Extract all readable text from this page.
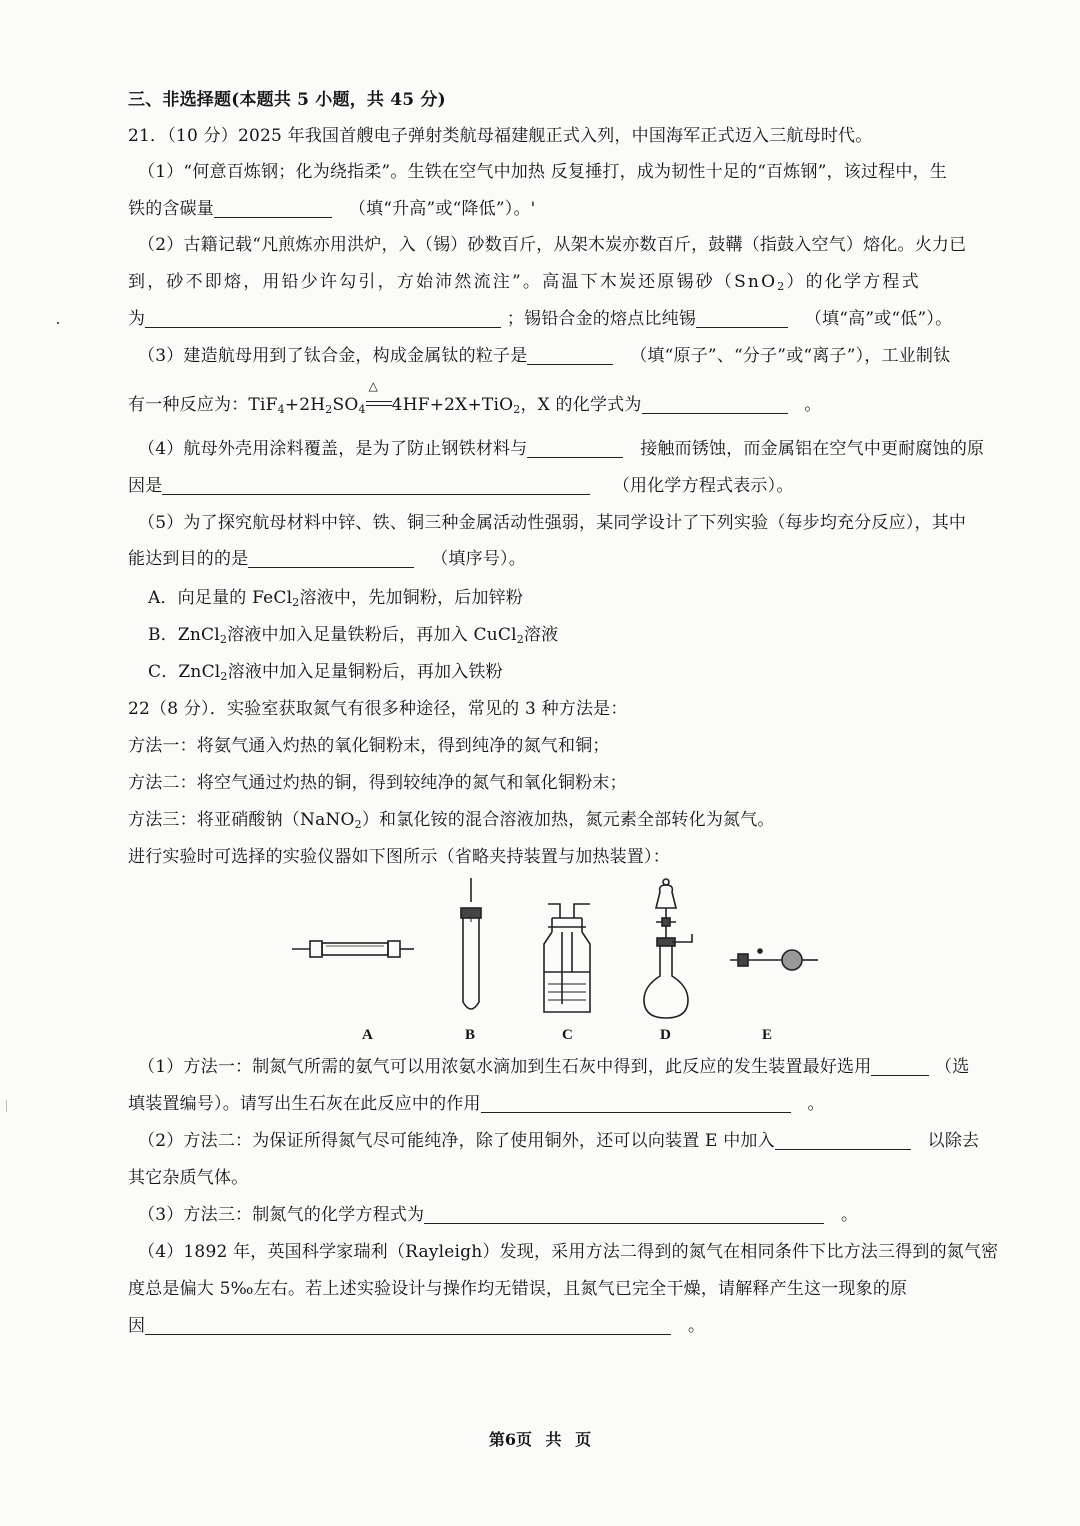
三、非选择题(本题共 5 小题，共 45 分)
21．（10 分）2025 年我国首艘电子弹射类航母福建舰正式入列，中国海军正式迈入三航母时代。
（1）“何意百炼钢；化为绕指柔”。生铁在空气中加热 反复捶打，成为韧性十足的“百炼钢”，该过程中，生
铁的含碳量	（填“升高”或“降低”）。'
（2）古籍记载“凡煎炼亦用洪炉，入（锡）砂数百斤，从架木炭亦数百斤，鼓鞲（指鼓入空气）熔化。火力已
到，砂不即熔，用铅少许勾引，方始沛然流注”。高温下木炭还原锡砂（SnO$_2$）的化学方程式
为	；锡铅合金的熔点比纯锡	（填“高”或“低”）。
（3）建造航母用到了钛合金，构成金属钛的粒子是	（填“原子”、“分子”或“离子”），工业制钛
有一种反应为：$TiF_4+2H_2SO_4$
△
4HF+2X+TiO$_2$，X 的化学式为	。
（4）航母外壳用涂料覆盖，是为了防止钢铁材料与	接触而锈蚀，而金属铝在空气中更耐腐蚀的原
因是	（用化学方程式表示）。
（5）为了探究航母材料中锌、铁、铜三种金属活动性强弱，某同学设计了下列实验（每步均充分反应），其中
能达到目的的是	（填序号）。
A．向足量的 FeCl$_2$溶液中，先加铜粉，后加锌粉
B．ZnCl$_2$溶液中加入足量铁粉后，再加入 CuCl$_2$溶液
C．ZnCl$_2$溶液中加入足量铜粉后，再加入铁粉
22（8 分）．实验室获取氮气有很多种途径，常见的 3 种方法是：
方法一：将氨气通入灼热的氧化铜粉末，得到纯净的氮气和铜；
方法二：将空气通过灼热的铜，得到较纯净的氮气和氧化铜粉末；
方法三：将亚硝酸钠（NaNO$_2$）和氯化铵的混合溶液加热，氮元素全部转化为氮气。
进行实验时可选择的实验仪器如下图所示（省略夹持装置与加热装置）：
A	B	C	D	E
（1）方法一：制氮气所需的氨气可以用浓氨水滴加到生石灰中得到，此反应的发生装置最好选用	（选
填装置编号）。请写出生石灰在此反应中的作用	。
（2）方法二：为保证所得氮气尽可能纯净，除了使用铜外，还可以向装置 E 中加入	以除去
其它杂质气体。
（3）方法三：制氮气的化学方程式为	。
（4）1892 年，英国科学家瑞利（Rayleigh）发现，采用方法二得到的氮气在相同条件下比方法三得到的氮气密
度总是偏大 5‰左右。若上述实验设计与操作均无错误，且氮气已完全干燥，请解释产生这一现象的原
因	。
第6页 共 页
